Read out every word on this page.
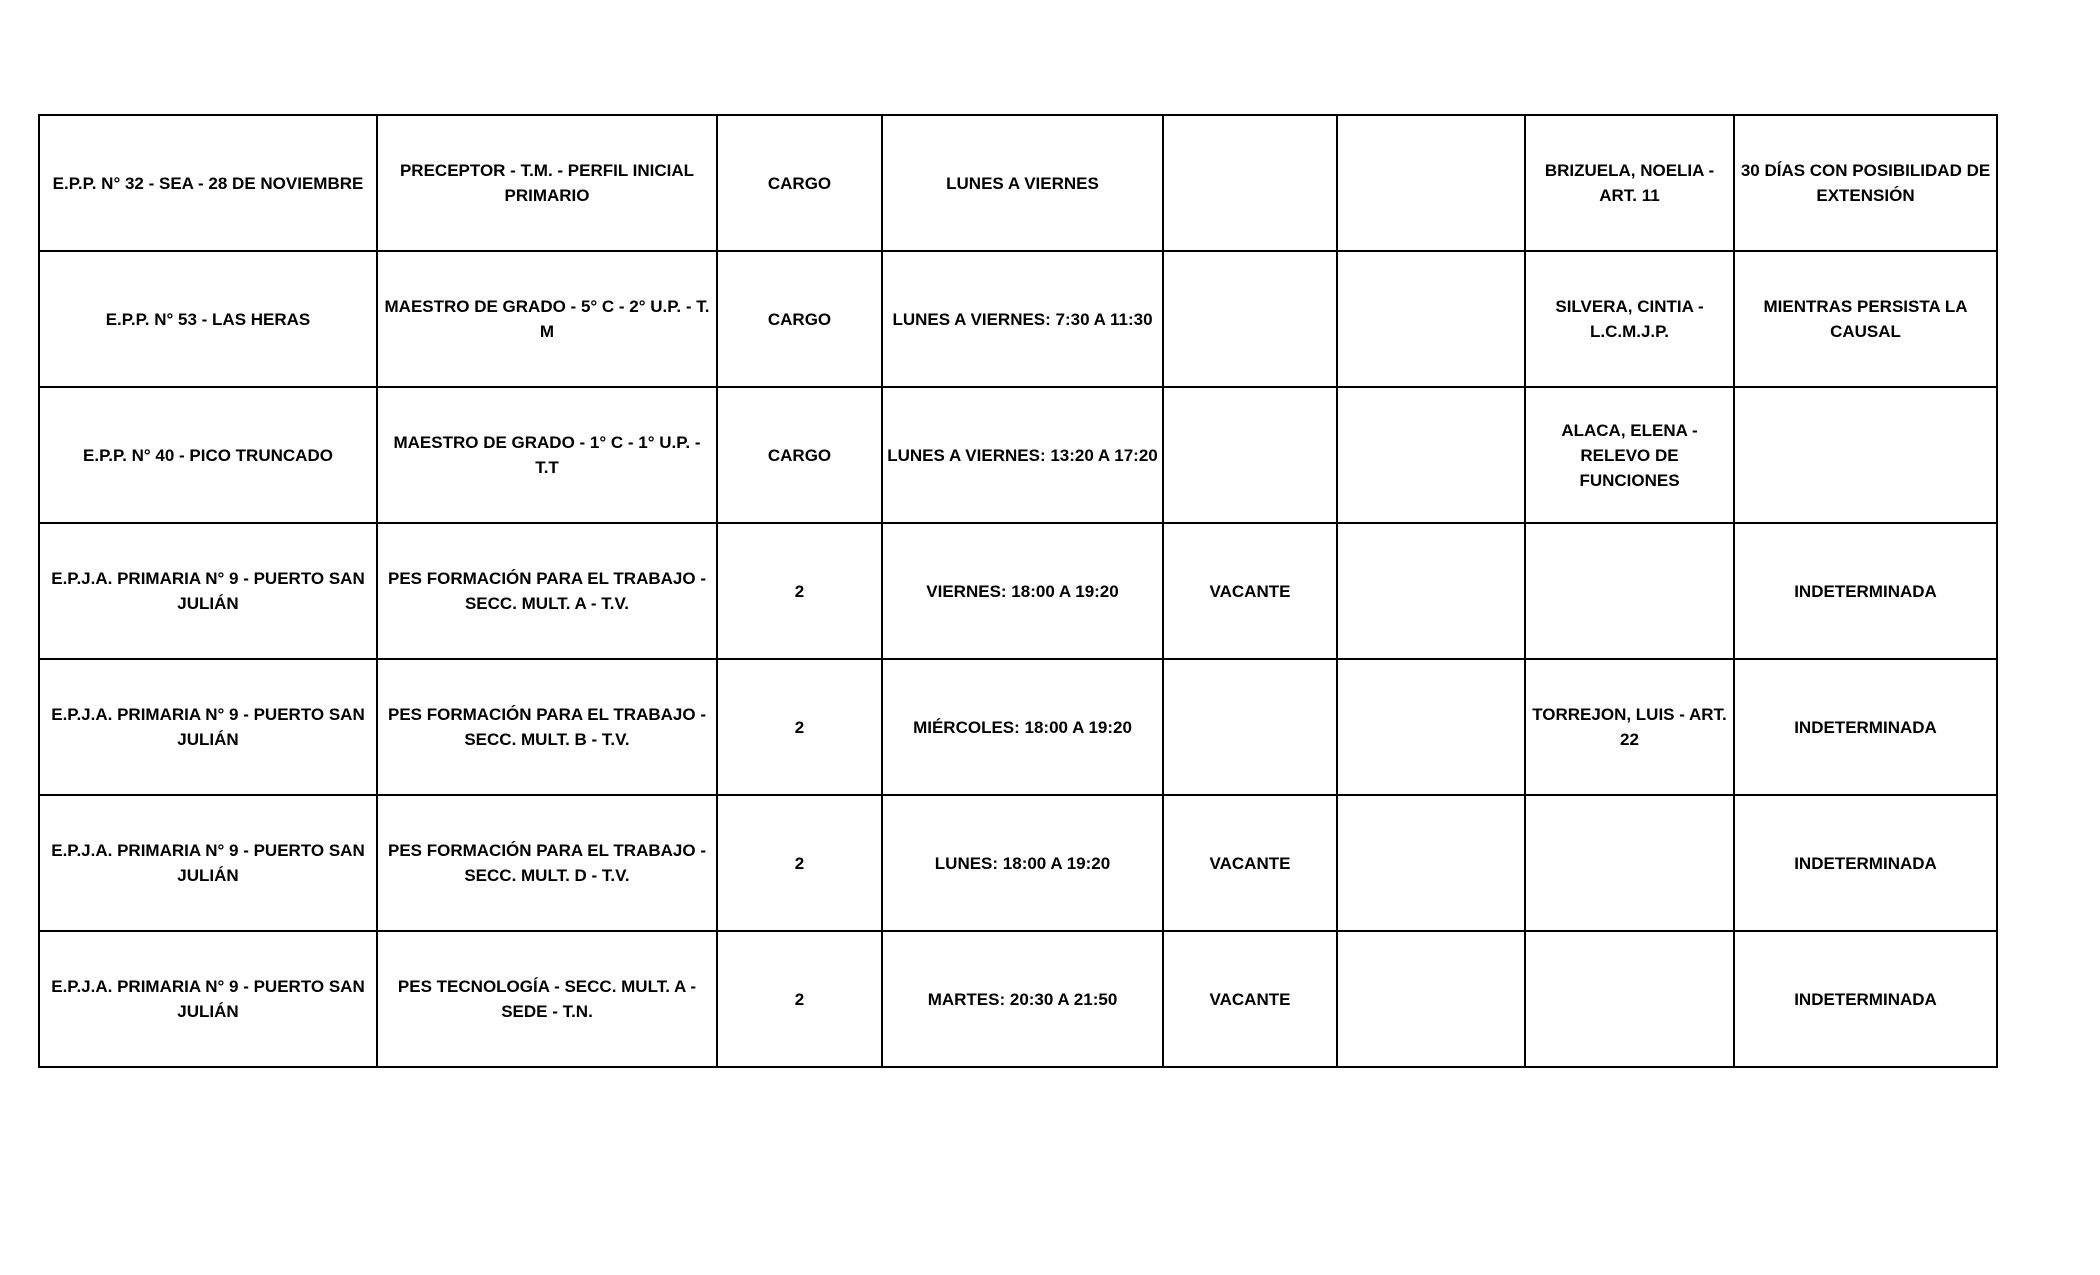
E.P.P. N° 32 - SEA - 28 DE NOVIEMBRE	PRECEPTOR - T.M. - PERFIL INICIAL PRIMARIO	CARGO	LUNES A VIERNES			BRIZUELA, NOELIA - ART. 11	30 DÍAS CON POSIBILIDAD DE EXTENSIÓN
E.P.P. N° 53 - LAS HERAS	MAESTRO DE GRADO - 5° C - 2° U.P. - T. M	CARGO	LUNES A VIERNES: 7:30 A 11:30			SILVERA, CINTIA - L.C.M.J.P.	MIENTRAS PERSISTA LA CAUSAL
E.P.P. N° 40 - PICO TRUNCADO	MAESTRO DE GRADO - 1° C - 1° U.P. - T.T	CARGO	LUNES A VIERNES: 13:20 A 17:20			ALACA, ELENA - RELEVO DE FUNCIONES	
E.P.J.A. PRIMARIA N° 9 - PUERTO SAN JULIÁN	PES FORMACIÓN PARA EL TRABAJO - SECC. MULT. A - T.V.	2	VIERNES: 18:00 A 19:20	VACANTE			INDETERMINADA
E.P.J.A. PRIMARIA N° 9 - PUERTO SAN JULIÁN	PES FORMACIÓN PARA EL TRABAJO - SECC. MULT. B - T.V.	2	MIÉRCOLES: 18:00 A 19:20			TORREJON, LUIS - ART. 22	INDETERMINADA
E.P.J.A. PRIMARIA N° 9 - PUERTO SAN JULIÁN	PES FORMACIÓN PARA EL TRABAJO - SECC. MULT. D - T.V.	2	LUNES: 18:00 A 19:20	VACANTE			INDETERMINADA
E.P.J.A. PRIMARIA N° 9 - PUERTO SAN JULIÁN	PES TECNOLOGÍA - SECC. MULT. A - SEDE - T.N.	2	MARTES: 20:30 A 21:50	VACANTE			INDETERMINADA
